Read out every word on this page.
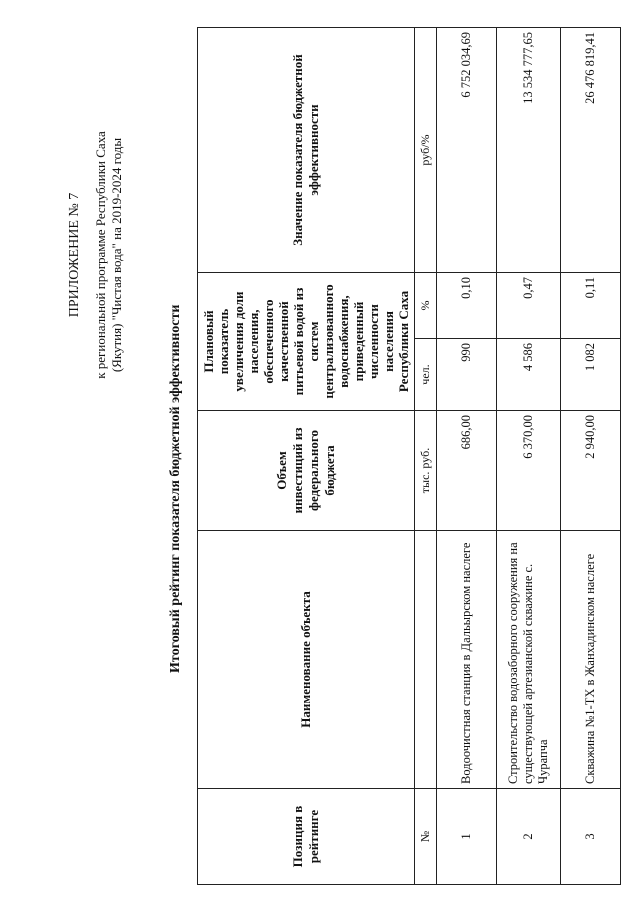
ПРИЛОЖЕНИЕ № 7 к региональной программе Республики Саха
(Якутия) "Чистая вода" на 2019-2024 годы
Итоговый рейтинг показателя бюджетной эффективности
Позиция в рейтинге	Наименование объекта	Объем инвестиций из федерального бюджета	Плановый показатель увеличения доли населения, обеспеченного качественной питьевой водой из систем централизованного водоснабжения, приведенный численности населения Республики Саха		Значение показателя бюджетной эффективности
№		тыс. руб.	чел.	%	руб/%
1	Водоочистная станция в Дальырском наслеге	686,00	990	0,10	6 752 034,69
2	Строительство водозаборного сооружения на существующей артезианской скважине с. Чурапча	6 370,00	4 586	0,47	13 534 777,65
3	Скважина №1-ТХ в Жанхадинском наслеге	2 940,00	1 082	0,11	26 476 819,41
